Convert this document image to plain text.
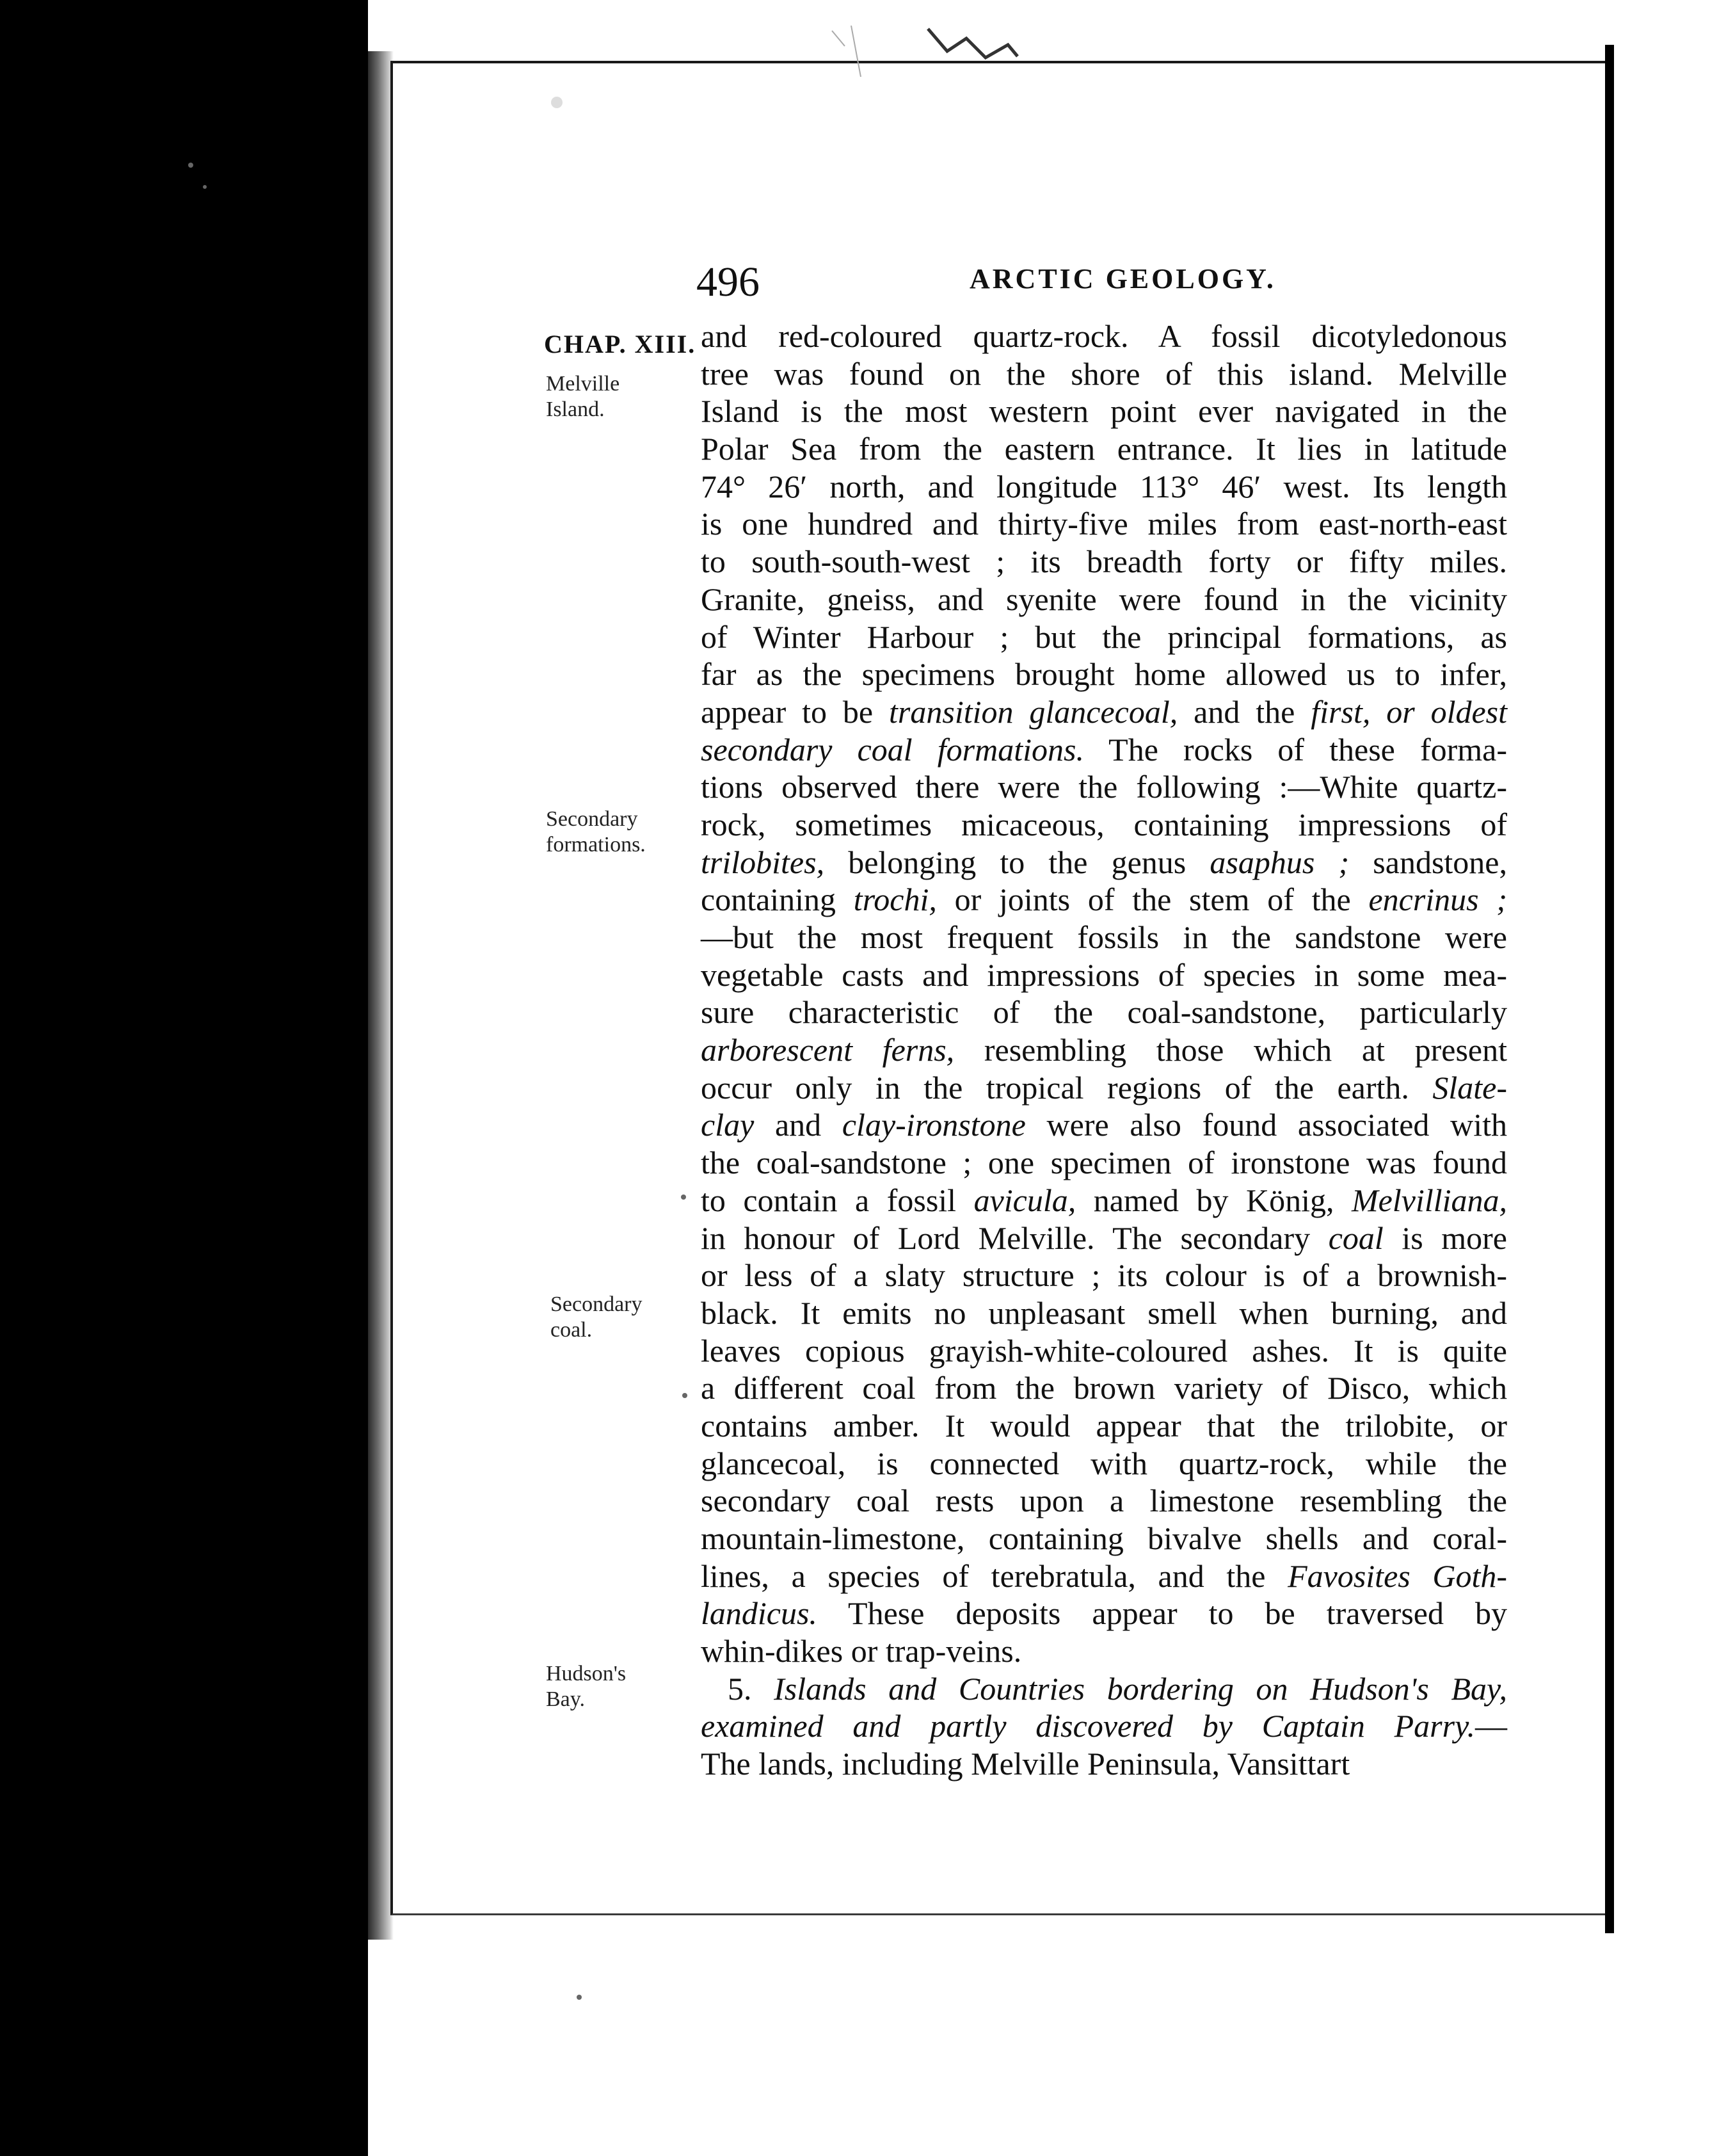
496	ARCTIC GEOLOGY.
CHAP. XIII.
Melville
Island.
Secondary
formations.
Secondary
coal.
Hudson's
Bay.
and red-coloured quartz-rock. A fossil dicotyledonous
tree was found on the shore of this island. Melville
Island is the most western point ever navigated in the
Polar Sea from the eastern entrance. It lies in latitude
74° 26′ north, and longitude 113° 46′ west. Its length
is one hundred and thirty-five miles from east-north-east
to south-south-west ; its breadth forty or fifty miles.
Granite, gneiss, and syenite were found in the vicinity
of Winter Harbour ; but the principal formations, as
far as the specimens brought home allowed us to infer,
appear to be transition glancecoal, and the first, or oldest
secondary coal formations. The rocks of these forma-
tions observed there were the following :—White quartz-
rock, sometimes micaceous, containing impressions of
trilobites, belonging to the genus asaphus ; sandstone,
containing trochi, or joints of the stem of the encrinus ;
—but the most frequent fossils in the sandstone were
vegetable casts and impressions of species in some mea-
sure characteristic of the coal-sandstone, particularly
arborescent ferns, resembling those which at present
occur only in the tropical regions of the earth. Slate-
clay and clay-ironstone were also found associated with
the coal-sandstone ; one specimen of ironstone was found
to contain a fossil avicula, named by König, Melvilliana,
in honour of Lord Melville. The secondary coal is more
or less of a slaty structure ; its colour is of a brownish-
black. It emits no unpleasant smell when burning, and
leaves copious grayish-white-coloured ashes. It is quite
a different coal from the brown variety of Disco, which
contains amber. It would appear that the trilobite, or
glancecoal, is connected with quartz-rock, while the
secondary coal rests upon a limestone resembling the
mountain-limestone, containing bivalve shells and coral-
lines, a species of terebratula, and the Favosites Goth-
landicus. These deposits appear to be traversed by
whin-dikes or trap-veins.
5. Islands and Countries bordering on Hudson's Bay,
examined and partly discovered by Captain Parry.—
The lands, including Melville Peninsula, Vansittart
